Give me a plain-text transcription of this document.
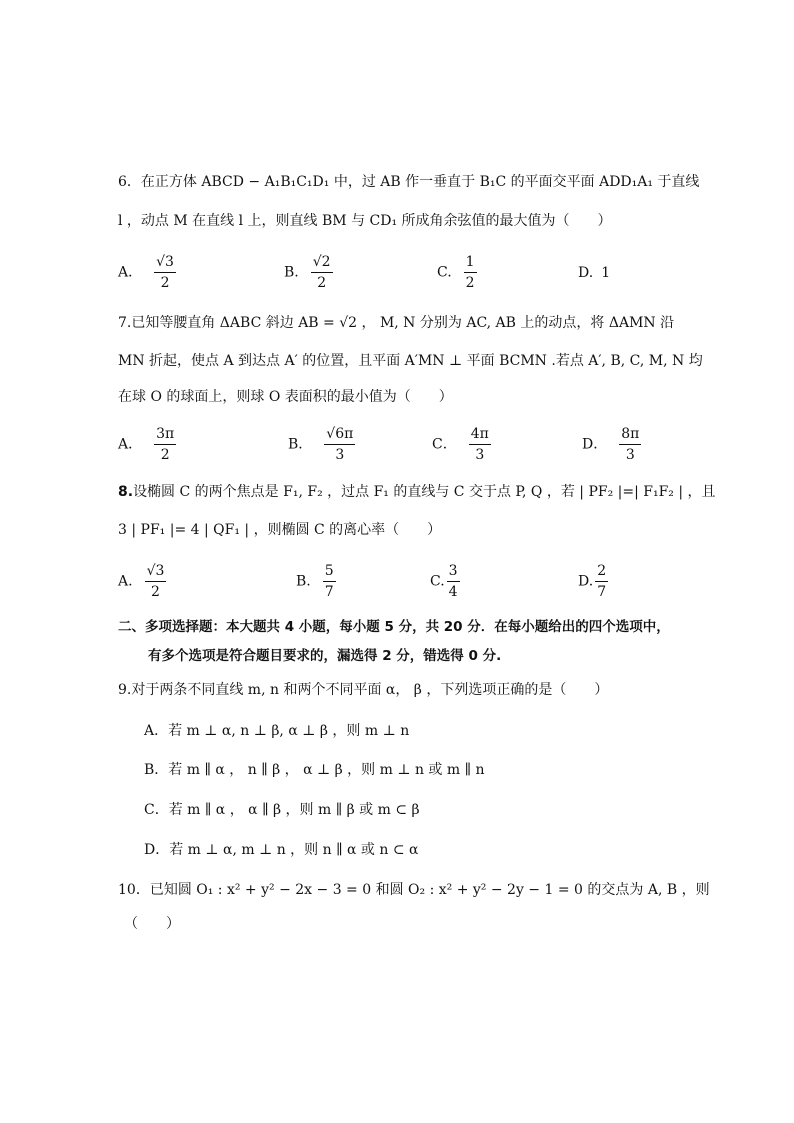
6．在正方体 ABCD − A₁B₁C₁D₁ 中，过 AB 作一垂直于 B₁C 的平面交平面 ADD₁A₁ 于直线
l ，动点 M 在直线 l 上，则直线 BM 与 CD₁ 所成角余弦值的最大值为（　　）
A． $\frac{√3}{2}$	B. $\frac{√2}{2}$	C. $\frac{1}{2}$	D. 1
7.已知等腰直角 ΔABC 斜边 AB = √2 ， M, N 分别为 AC, AB 上的动点，将 ΔAMN 沿
MN 折起，使点 A 到达点 A′ 的位置，且平面 A′MN ⊥ 平面 BCMN .若点 A′, B, C, M, N 均
在球 O 的球面上，则球 O 表面积的最小值为（　　）
A． $\frac{3\pi}{2}$	B． $\frac{√6\pi}{3}$	C． $\frac{4\pi}{3}$	D． $\frac{8\pi}{3}$
8.设椭圆 C 的两个焦点是 F₁, F₂ ，过点 F₁ 的直线与 C 交于点 P, Q ，若 | PF₂ |=| F₁F₂ | ，且
3 | PF₁ |= 4 | QF₁ | ，则椭圆 C 的离心率（　　）
A. $\frac{√3}{2}$	B. $\frac{5}{7}$	C. $\frac{3}{4}$	D. $\frac{2}{7}$
二、多项选择题：本大题共 4 小题，每小题 5 分，共 20 分．在每小题给出的四个选项中，
有多个选项是符合题目要求的，漏选得 2 分，错选得 0 分.
9.对于两条不同直线 m, n 和两个不同平面 α， β ，下列选项正确的是（　　）
A．若 m ⊥ α, n ⊥ β, α ⊥ β ，则 m ⊥ n
B．若 m ∥ α ， n ∥ β ， α ⊥ β ，则 m ⊥ n 或 m ∥ n
C．若 m ∥ α ， α ∥ β ，则 m ∥ β 或 m ⊂ β
D．若 m ⊥ α, m ⊥ n ，则 n ∥ α 或 n ⊂ α
10．已知圆 O₁ : x² + y² − 2x − 3 = 0 和圆 O₂ : x² + y² − 2y − 1 = 0 的交点为 A, B ，则
（　　）
